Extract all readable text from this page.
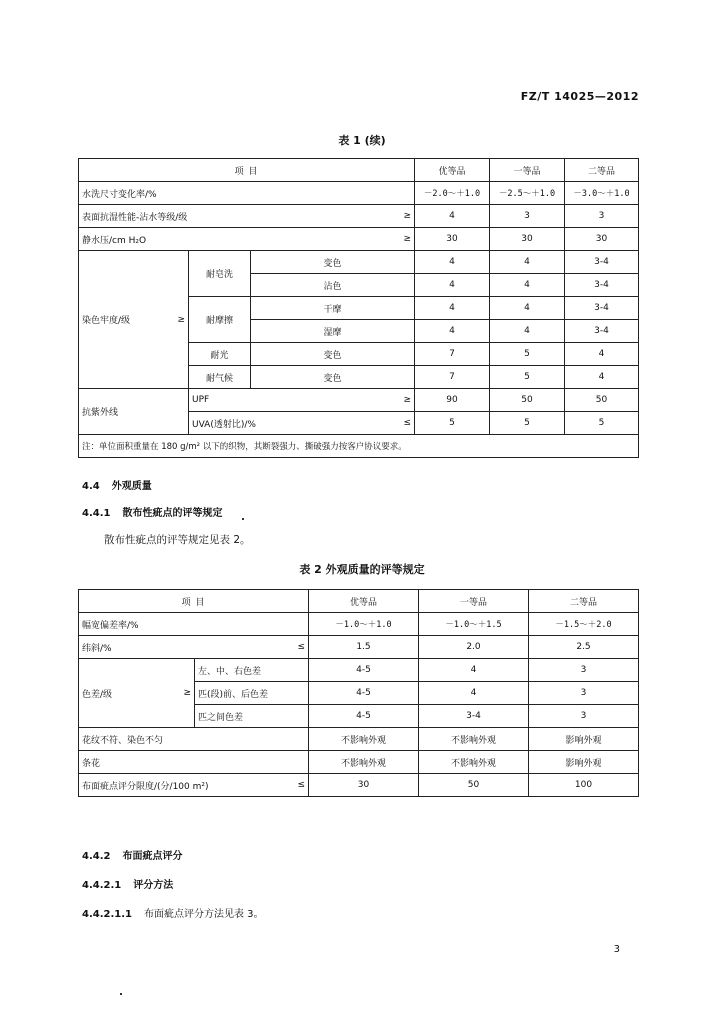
FZ/T 14025—2012
表 1 (续)
项 目			优等品	一等品	二等品
水洗尺寸变化率/%			－2.0～＋1.0	－2.5～＋1.0	－3.0～＋1.0

表面抗湿性能-沾水等级/级 ≥			4	3	3

静水压/cm H₂O ≥			30	30	30

染色牢度/级 ≥	耐皂洗	变色	4	4	3-4
		沾色	4	4	3-4
	耐摩擦	干摩	4	4	3-4
		湿摩	4	4	3-4
	耐光	变色	7	5	4
	耐气候	变色	7	5	4
抗紫外线	UPF ≥		90	50	50

	UVA(透射比)/% ≤		5	5	5
注：单位面积重量在 180 g/m² 以下的织物，其断裂强力、撕破强力按客户协议要求。					
4.4 外观质量
4.4.1 散布性疵点的评等规定
散布性疵点的评等规定见表 2。
表 2 外观质量的评等规定
项 目		优等品	一等品	二等品
幅宽偏差率/%		－1.0～＋1.0	－1.0～＋1.5	－1.5～＋2.0

纬斜/% ≤		1.5	2.0	2.5

色差/级 ≥	左、中、右色差	4-5	4	3
	匹(段)前、后色差	4-5	4	3
	匹之间色差	4-5	3-4	3
花纹不符、染色不匀		不影响外观	不影响外观	影响外观
条花		不影响外观	不影响外观	影响外观

布面疵点评分限度/(分/100 m²) ≤		30	50	100
4.4.2 布面疵点评分
4.4.2.1 评分方法
4.4.2.1.1 布面疵点评分方法见表 3。
3
